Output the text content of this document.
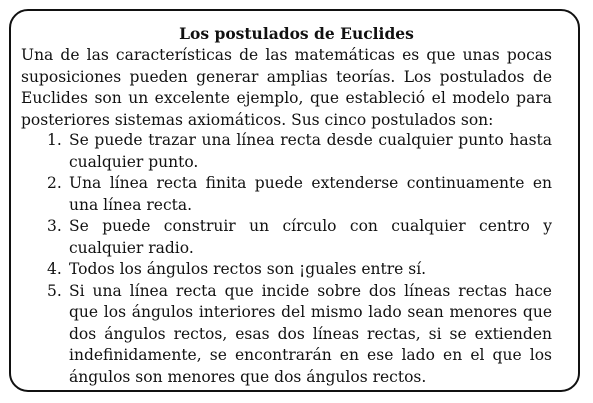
Los postulados de Euclides

Una de las características de las matemáticas es que unas pocas suposiciones pueden generar amplias teorías. Los postulados de Euclides son un excelente ejemplo, que estableció el modelo para posteriores sistemas axiomáticos. Sus cinco postulados son:

1. Se puede trazar una línea recta desde cualquier punto hasta cualquier punto.
2. Una línea recta finita puede extenderse continuamente en una línea recta.
3. Se puede construir un círculo con cualquier centro y cualquier radio.
4. Todos los ángulos rectos son ¡guales entre sí.
5. Si una línea recta que incide sobre dos líneas rectas hace que los ángulos interiores del mismo lado sean menores que dos ángulos rectos, esas dos líneas rectas, si se extienden indefinidamente, se encontrarán en ese lado en el que los ángulos son menores que dos ángulos rectos.
